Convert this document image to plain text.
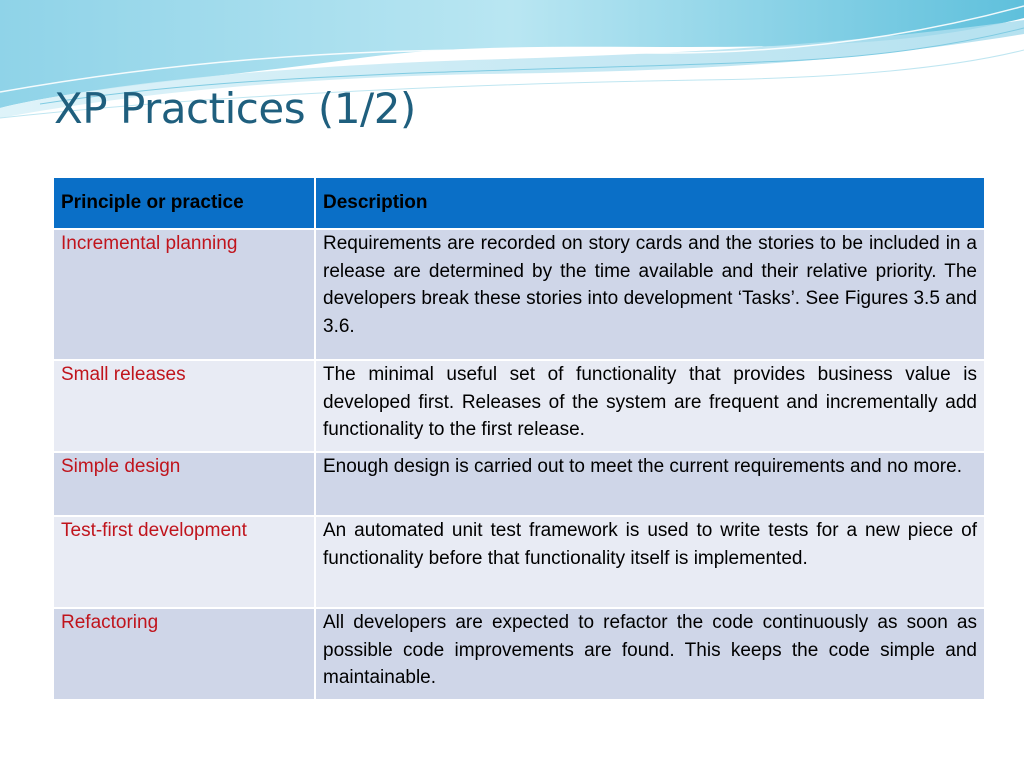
XP Practices (1/2)
Principle or practice	Description
Incremental planning	Requirements are recorded on story cards and the stories to be included in a release are determined by the time available and their relative priority. The developers break these stories into development ‘Tasks’. See Figures 3.5 and 3.6.
Small releases	The minimal useful set of functionality that provides business value is developed first. Releases of the system are frequent and incrementally add functionality to the first release.
Simple design	Enough design is carried out to meet the current requirements and no more.
Test-first development	An automated unit test framework is used to write tests for a new piece of functionality before that functionality itself is implemented.
Refactoring	All developers are expected to refactor the code continuously as soon as possible code improvements are found. This keeps the code simple and maintainable.
